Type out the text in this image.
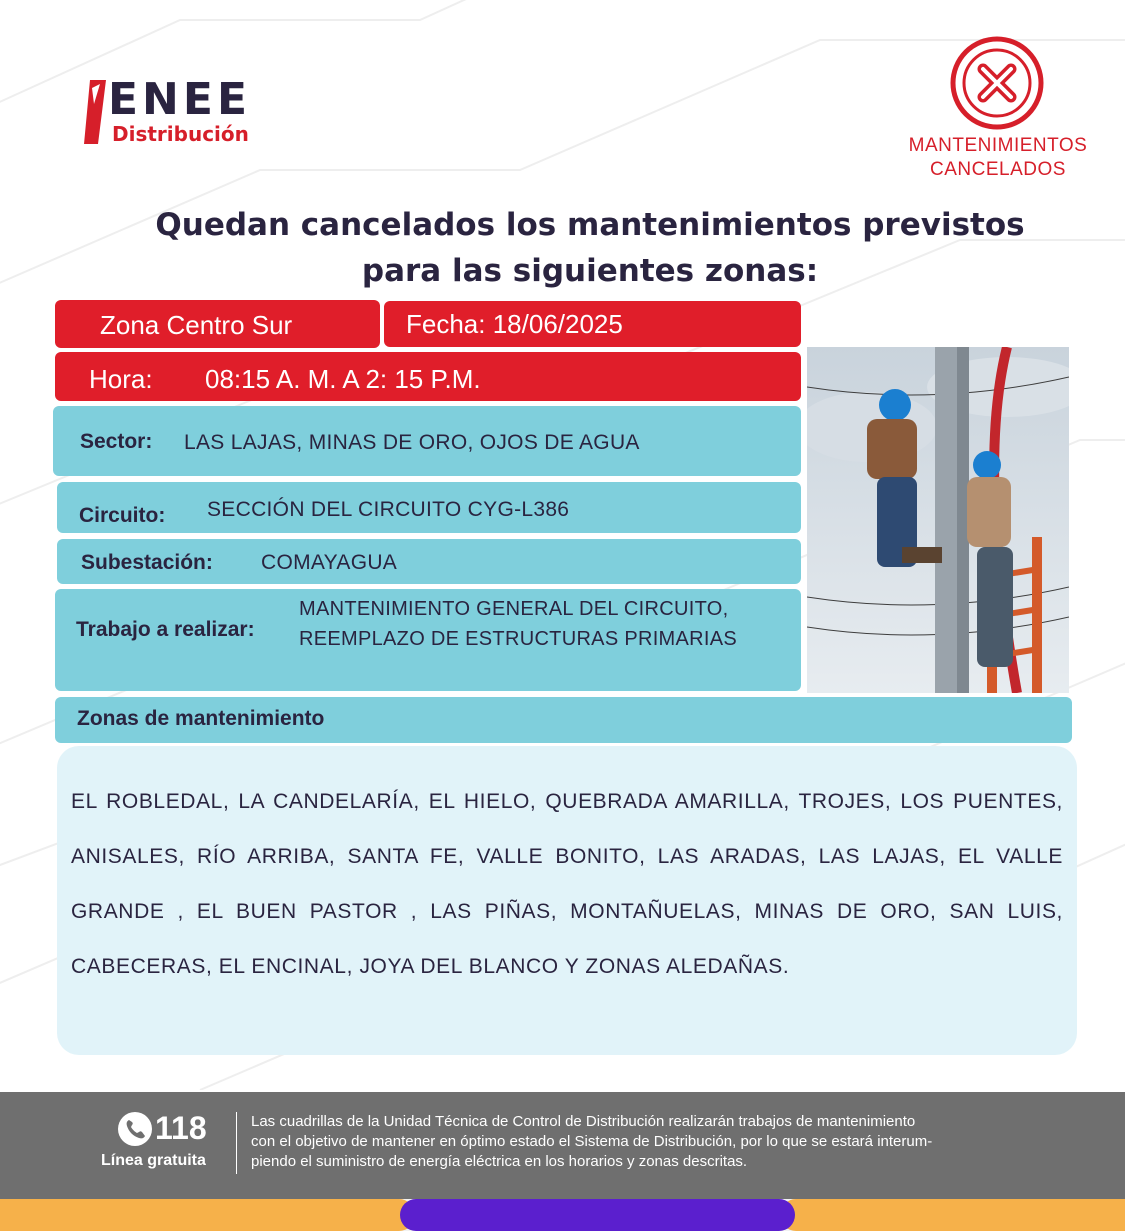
ENEE
Distribución	MANTENIMIENTOS
CANCELADOS
Quedan cancelados los mantenimientos previstos
para las siguientes zonas:
Zona Centro Sur	Fecha: 18/06/2025
Hora: 08:15 A. M. A 2: 15 P.M.
Sector: LAS LAJAS, MINAS DE ORO, OJOS DE AGUA
Circuito: SECCIÓN DEL CIRCUITO CYG-L386
Subestación: COMAYAGUA
Trabajo a realizar:
MANTENIMIENTO GENERAL DEL CIRCUITO,
REEMPLAZO DE ESTRUCTURAS PRIMARIAS
Zonas de mantenimiento
EL ROBLEDAL, LA CANDELARÍA, EL HIELO, QUEBRADA AMARILLA, TROJES, LOS PUENTES, ANISALES, RÍO ARRIBA, SANTA FE, VALLE BONITO, LAS ARADAS, LAS LAJAS, EL VALLE GRANDE , EL BUEN PASTOR , LAS PIÑAS, MONTAÑUELAS, MINAS DE ORO, SAN LUIS, CABECERAS, EL ENCINAL, JOYA DEL BLANCO Y ZONAS ALEDAÑAS.
118
Línea gratuita
Las cuadrillas de la Unidad Técnica de Control de Distribución realizarán trabajos de mantenimiento
con el objetivo de mantener en óptimo estado el Sistema de Distribución, por lo que se estará interum-
piendo el suministro de energía eléctrica en los horarios y zonas descritas.
